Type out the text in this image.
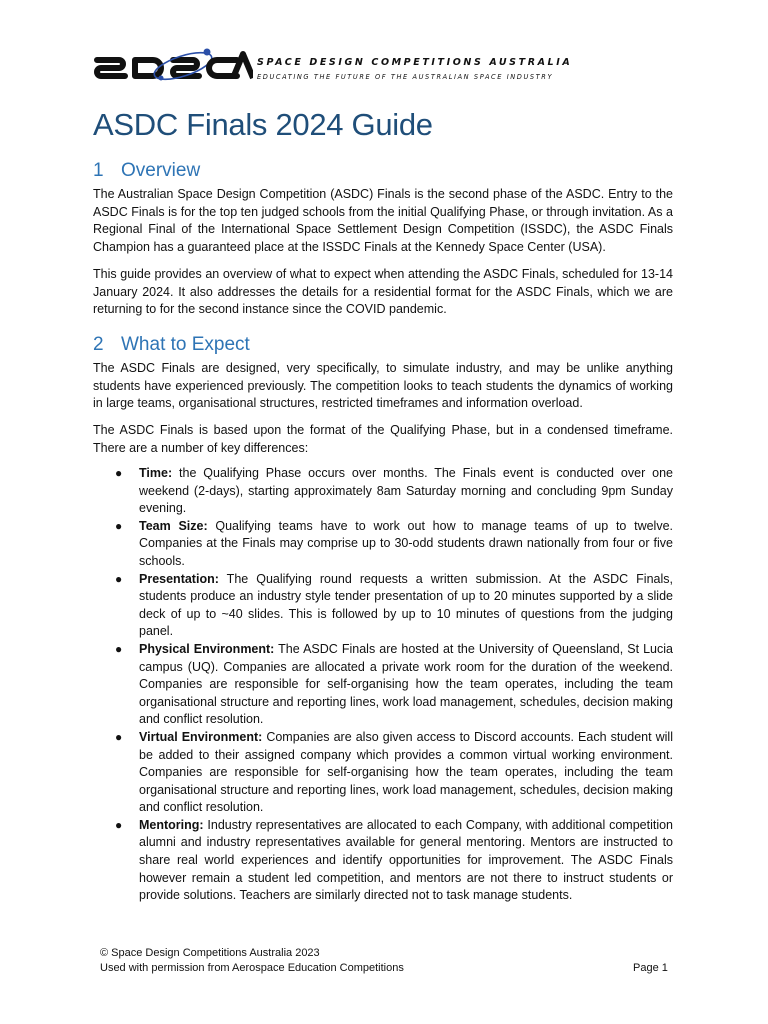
SPACE DESIGN COMPETITIONS AUSTRALIA
EDUCATING THE FUTURE OF THE AUSTRALIAN SPACE INDUSTRY
ASDC Finals 2024 Guide
1 Overview

The Australian Space Design Competition (ASDC) Finals is the second phase of the ASDC. Entry to the ASDC Finals is for the top ten judged schools from the initial Qualifying Phase, or through invitation. As a Regional Final of the International Space Settlement Design Competition (ISSDC), the ASDC Finals Champion has a guaranteed place at the ISSDC Finals at the Kennedy Space Center (USA).

This guide provides an overview of what to expect when attending the ASDC Finals, scheduled for 13-14 January 2024. It also addresses the details for a residential format for the ASDC Finals, which we are returning to for the second instance since the COVID pandemic.

2 What to Expect

The ASDC Finals are designed, very specifically, to simulate industry, and may be unlike anything students have experienced previously. The competition looks to teach students the dynamics of working in large teams, organisational structures, restricted timeframes and information overload.

The ASDC Finals is based upon the format of the Qualifying Phase, but in a condensed timeframe. There are a number of key differences:

● Time: the Qualifying Phase occurs over months. The Finals event is conducted over one weekend (2-days), starting approximately 8am Saturday morning and concluding 9pm Sunday evening.
● Team Size: Qualifying teams have to work out how to manage teams of up to twelve. Companies at the Finals may comprise up to 30-odd students drawn nationally from four or five schools.
● Presentation: The Qualifying round requests a written submission. At the ASDC Finals, students produce an industry style tender presentation of up to 20 minutes supported by a slide deck of up to ~40 slides. This is followed by up to 10 minutes of questions from the judging panel.
● Physical Environment: The ASDC Finals are hosted at the University of Queensland, St Lucia campus (UQ). Companies are allocated a private work room for the duration of the weekend. Companies are responsible for self-organising how the team operates, including the team organisational structure and reporting lines, work load management, schedules, decision making and conflict resolution.
● Virtual Environment: Companies are also given access to Discord accounts. Each student will be added to their assigned company which provides a common virtual working environment. Companies are responsible for self-organising how the team operates, including the team organisational structure and reporting lines, work load management, schedules, decision making and conflict resolution.
● Mentoring: Industry representatives are allocated to each Company, with additional competition alumni and industry representatives available for general mentoring. Mentors are instructed to share real world experiences and identify opportunities for improvement. The ASDC Finals however remain a student led competition, and mentors are not there to instruct students or provide solutions. Teachers are similarly directed not to task manage students.

© Space Design Competitions Australia 2023

Used with permission from Aerospace Education Competitions	Page 1
